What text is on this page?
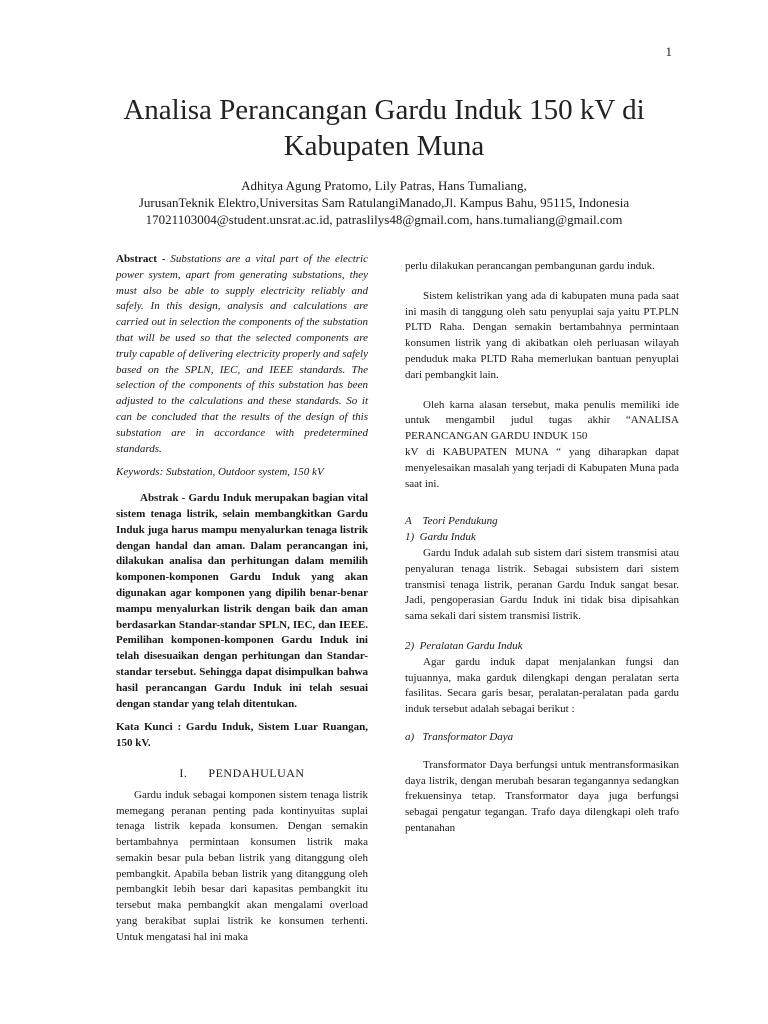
1
Analisa Perancangan Gardu Induk 150 kV di Kabupaten Muna
Adhitya Agung Pratomo, Lily Patras, Hans Tumaliang,
JurusanTeknik Elektro,Universitas Sam RatulangiManado,Jl. Kampus Bahu, 95115, Indonesia
17021103004@student.unsrat.ac.id, patraslilys48@gmail.com, hans.tumaliang@gmail.com

Abstract - Substations are a vital part of the electric power system, apart from generating substations, they must also be able to supply electricity reliably and safely. In this design, analysis and calculations are carried out in selection the components of the substation that will be used so that the selected components are truly capable of delivering electricity properly and safely based on the SPLN, IEC, and IEEE standards. The selection of the components of this substation has been adjusted to the calculations and these standards. So it can be concluded that the results of the design of this substation are in accordance with predetermined standards.

Keywords: Substation, Outdoor system, 150 kV

Abstrak - Gardu Induk merupakan bagian vital sistem tenaga listrik, selain membangkitkan Gardu Induk juga harus mampu menyalurkan tenaga listrik dengan handal dan aman. Dalam perancangan ini, dilakukan analisa dan perhitungan dalam memilih komponen-komponen Gardu Induk yang akan digunakan agar komponen yang dipilih benar-benar mampu menyalurkan listrik dengan baik dan aman berdasarkan Standar-standar SPLN, IEC, dan IEEE. Pemilihan komponen-komponen Gardu Induk ini telah disesuaikan dengan perhitungan dan Standar-standar tersebut. Sehingga dapat disimpulkan bahwa hasil perancangan Gardu Induk ini telah sesuai dengan standar yang telah ditentukan.

Kata Kunci : Gardu Induk, Sistem Luar Ruangan, 150 kV.

I.      PENDAHULUAN

Gardu induk sebagai komponen sistem tenaga listrik memegang peranan penting pada kontinyuitas suplai tenaga listrik kepada konsumen. Dengan semakin bertambahnya permintaan konsumen listrik maka semakin besar pula beban listrik yang ditanggung oleh pembangkit. Apabila beban listrik yang ditanggung oleh pembangkit lebih besar dari kapasitas pembangkit itu tersebut maka pembangkit akan mengalami overload yang berakibat suplai listrik ke konsumen terhenti. Untuk mengatasi hal ini maka

perlu dilakukan perancangan pembangunan gardu induk.

Sistem kelistrikan yang ada di kabupaten muna pada saat ini masih di tanggung oleh satu penyuplai saja yaitu PT.PLN PLTD Raha. Dengan semakin bertambahnya permintaan konsumen listrik yang di akibatkan oleh perluasan wilayah penduduk maka PLTD Raha memerlukan bantuan penyuplai dari pembangkit lain.

Oleh karna alasan tersebut, maka penulis memiliki ide untuk mengambil judul tugas akhir “ANALISA PERANCANGAN GARDU INDUK 150

kV di KABUPATEN MUNA “ yang diharapkan dapat menyelesaikan masalah yang terjadi di Kabupaten Muna pada saat ini.

A    Teori Pendukung

1)  Gardu Induk

Gardu Induk adalah sub sistem dari sistem transmisi atau penyaluran tenaga listrik. Sebagai subsistem dari sistem transmisi tenaga listrik, peranan Gardu Induk sangat besar. Jadi, pengoperasian Gardu Induk ini tidak bisa dipisahkan sama sekali dari sistem transmisi listrik.

2)  Peralatan Gardu Induk

Agar gardu induk dapat menjalankan fungsi dan tujuannya, maka garduk dilengkapi dengan peralatan serta fasilitas. Secara garis besar, peralatan-peralatan pada gardu induk tersebut adalah sebagai berikut :

a)   Transformator Daya

Transformator Daya berfungsi untuk mentransformasikan daya listrik, dengan merubah besaran tegangannya sedangkan frekuensinya tetap. Transformator daya juga berfungsi sebagai pengatur tegangan. Trafo daya dilengkapi oleh trafo pentanahan
